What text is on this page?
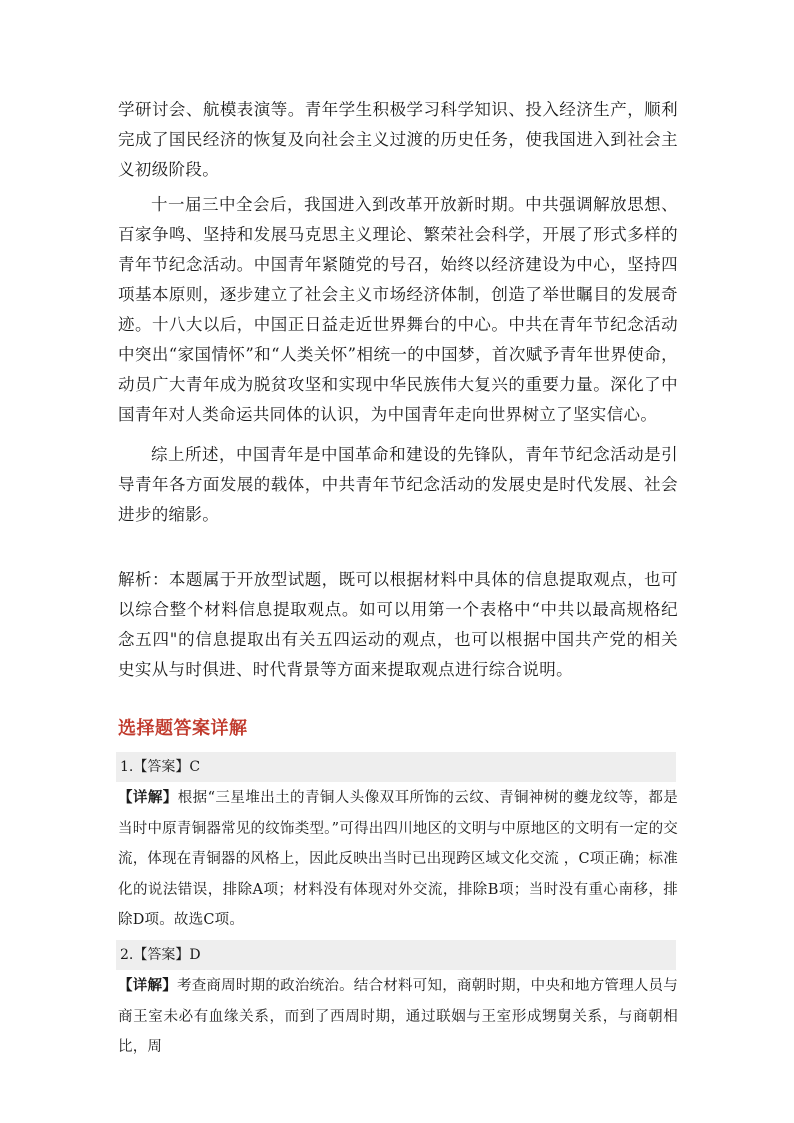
学研讨会、航模表演等。青年学生积极学习科学知识、投入经济生产，顺利完成了国民经济的恢复及向社会主义过渡的历史任务，使我国进入到社会主义初级阶段。

十一届三中全会后，我国进入到改革开放新时期。中共强调解放思想、百家争鸣、坚持和发展马克思主义理论、繁荣社会科学，开展了形式多样的青年节纪念活动。中国青年紧随党的号召，始终以经济建设为中心，坚持四项基本原则，逐步建立了社会主义市场经济体制，创造了举世瞩目的发展奇迹。十八大以后，中国正日益走近世界舞台的中心。中共在青年节纪念活动中突出“家国情怀”和“人类关怀”相统一的中国梦，首次赋予青年世界使命，动员广大青年成为脱贫攻坚和实现中华民族伟大复兴的重要力量。深化了中国青年对人类命运共同体的认识，为中国青年走向世界树立了坚实信心。

综上所述，中国青年是中国革命和建设的先锋队，青年节纪念活动是引导青年各方面发展的载体，中共青年节纪念活动的发展史是时代发展、社会进步的缩影。

解析：本题属于开放型试题，既可以根据材料中具体的信息提取观点，也可以综合整个材料信息提取观点。如可以用第一个表格中“中共以最高规格纪念五四"的信息提取出有关五四运动的观点，也可以根据中国共产党的相关史实从与时俱进、时代背景等方面来提取观点进行综合说明。

选择题答案详解
1.【答案】C

【详解】根据“三星堆出土的青铜人头像双耳所饰的云纹、青铜神树的夔龙纹等，都是当时中原青铜器常见的纹饰类型。”可得出四川地区的文明与中原地区的文明有一定的交流，体现在青铜器的风格上，因此反映出当时已出现跨区域文化交流 ，C项正确；标准化的说法错误，排除A项；材料没有体现对外交流，排除B项；当时没有重心南移，排除D项。故选C项。

2.【答案】D

【详解】考查商周时期的政治统治。结合材料可知，商朝时期，中央和地方管理人员与商王室未必有血缘关系，而到了西周时期，通过联姻与王室形成甥舅关系，与商朝相比，周
